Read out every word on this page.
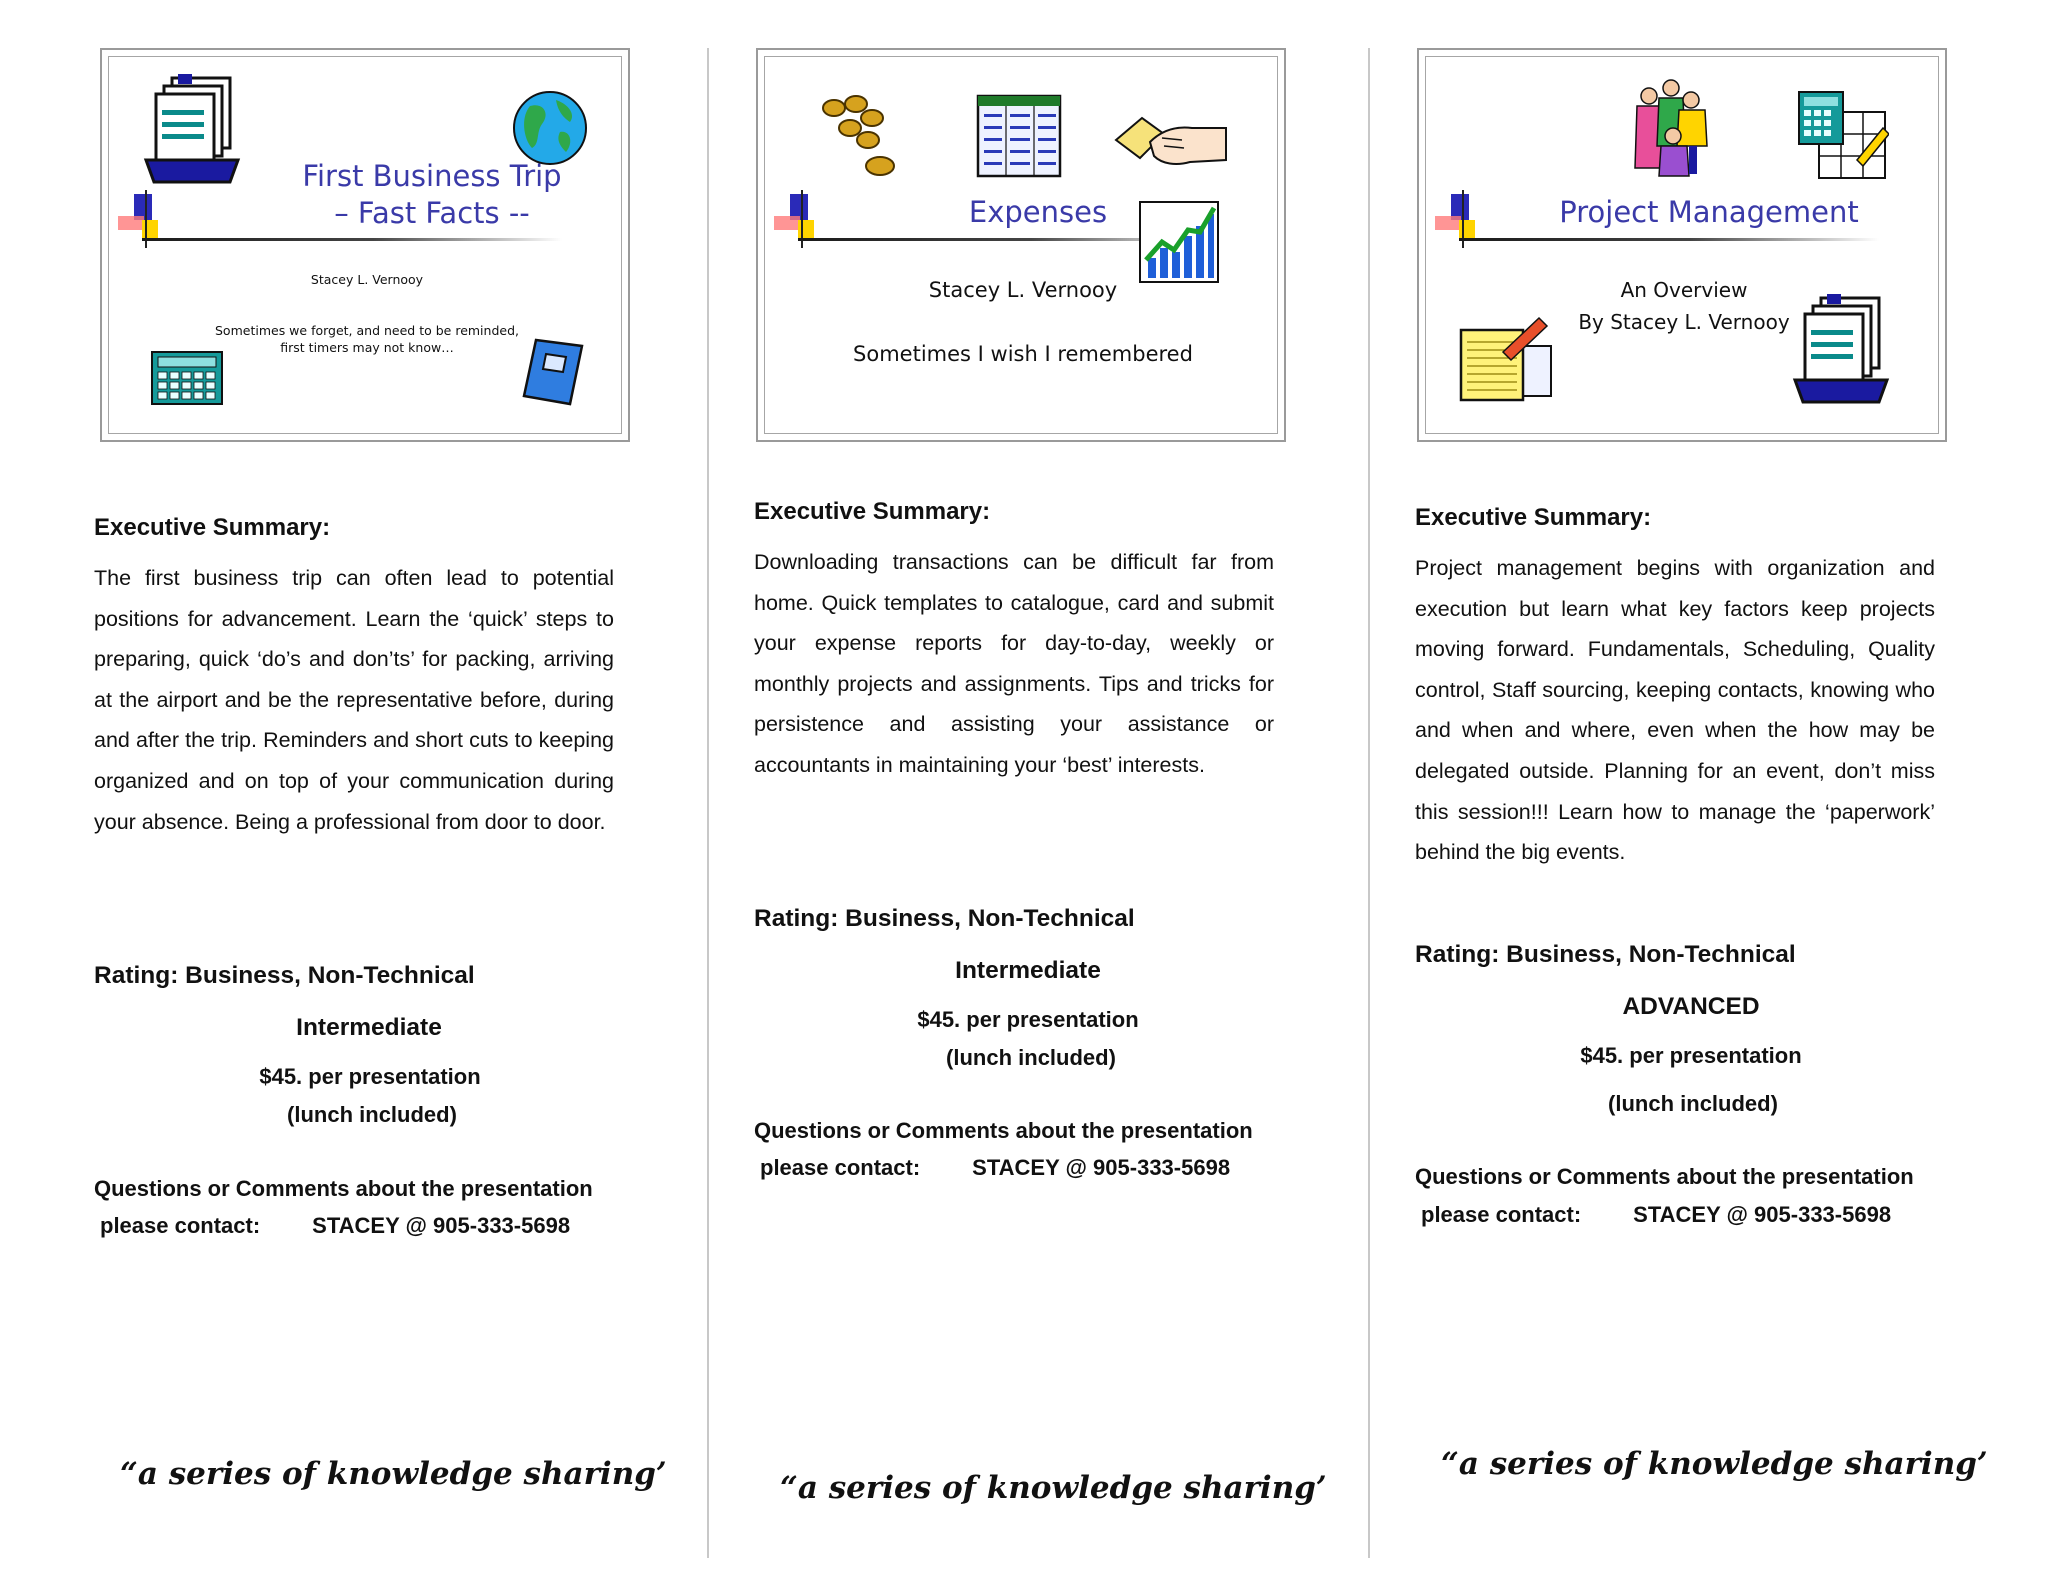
First Business Trip
– Fast Facts --
Stacey L. Vernooy
Sometimes we forget, and need to be reminded,
first timers may not know…
Executive Summary:

The first business trip can often lead to potential positions for advancement. Learn the ‘quick’ steps to preparing, quick ‘do’s and don’ts’ for packing, arriving at the airport and be the representative before, during and after the trip. Reminders and short cuts to keeping organized and on top of your communication during your absence. Being a professional from door to door.

Rating: Business, Non-Technical
Intermediate
$45. per presentation
(lunch included)
Questions or Comments about the presentation
please contact: STACEY @ 905-333-5698
“a series of knowledge sharing’
Expenses
Stacey L. Vernooy
Sometimes I wish I remembered
Executive Summary:

Downloading transactions can be difficult far from home. Quick templates to catalogue, card and submit your expense reports for day-to-day, weekly or monthly projects and assignments. Tips and tricks for persistence and assisting your assistance or accountants in maintaining your ‘best’ interests.

Rating: Business, Non-Technical
Intermediate
$45. per presentation
(lunch included)
Questions or Comments about the presentation
please contact: STACEY @ 905-333-5698
“a series of knowledge sharing’
Project Management
An Overview
By Stacey L. Vernooy
Executive Summary:

Project management begins with organization and execution but learn what key factors keep projects moving forward. Fundamentals, Scheduling, Quality control, Staff sourcing, keeping contacts, knowing who and when and where, even when the how may be delegated outside. Planning for an event, don’t miss this session!!! Learn how to manage the ‘paperwork’ behind the big events.

Rating: Business, Non-Technical
ADVANCED
$45. per presentation
(lunch included)
Questions or Comments about the presentation
please contact: STACEY @ 905-333-5698
“a series of knowledge sharing’
